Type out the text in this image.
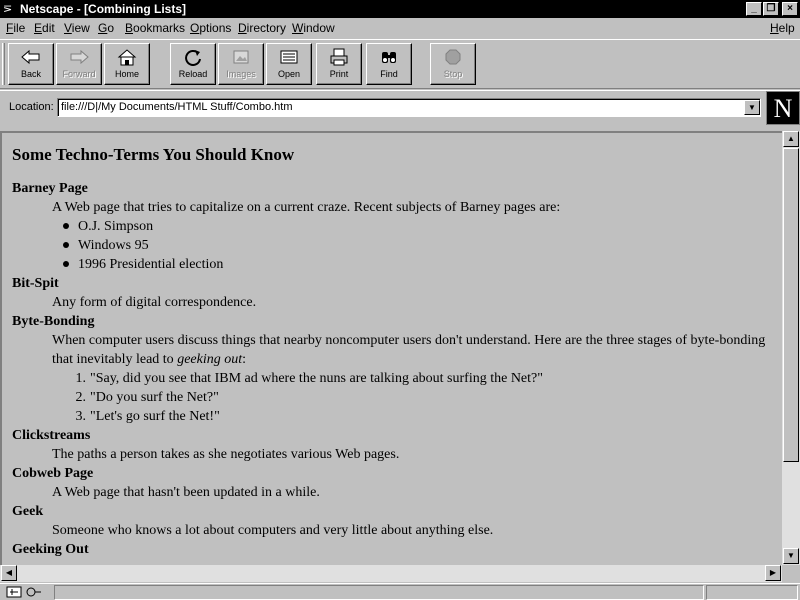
⋝ Netscape - [Combining Lists]	_ ❐	×
File Edit View Go Bookmarks Options Directory Window	Help
Back	Forward	Home	Reload	Images	Open	Print	Find	Stop
Location: file:///D|/My Documents/HTML Stuff/Combo.htm	▼ N
Some Techno-Terms You Should Know
Barney Page
A Web page that tries to capitalize on a current craze. Recent subjects of Barney pages are:
O.J. Simpson
Windows 95
1996 Presidential election
Bit-Spit
Any form of digital correspondence.
Byte-Bonding
When computer users discuss things that nearby noncomputer users don't understand. Here are the three stages of byte-bonding that inevitably lead to geeking out:
1. "Say, did you see that IBM ad where the nuns are talking about surfing the Net?"
2. "Do you surf the Net?"
3. "Let's go surf the Net!"
Clickstreams
The paths a person takes as she negotiates various Web pages.
Cobweb Page
A Web page that hasn't been updated in a while.
Geek
Someone who knows a lot about computers and very little about anything else.
Geeking Out
▲
▼
◀	▶
